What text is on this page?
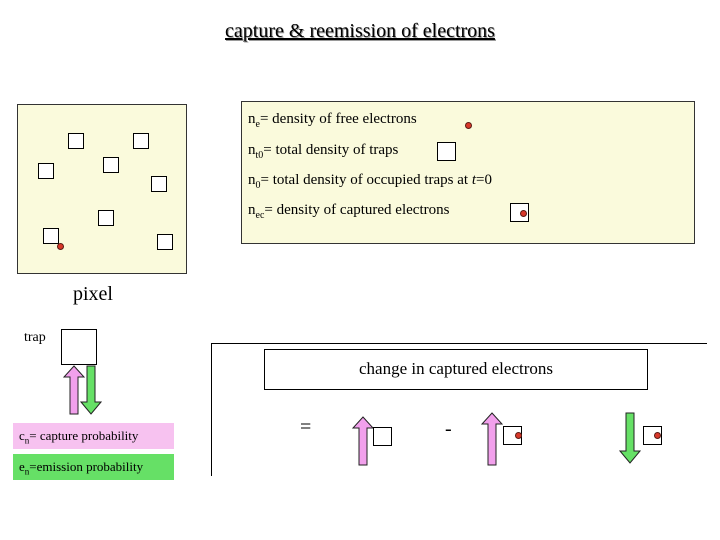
capture & reemission of electrons
$n_e=$ density of free electrons
$n_{t0}=$ total density of traps
$n_0=$ total density of occupied traps at t=0
$n_{ec}=$ density of captured electrons
pixel
trap
$c_n=$ capture probability
$e_n=emission$ probability
change in captured electrons
=	-
